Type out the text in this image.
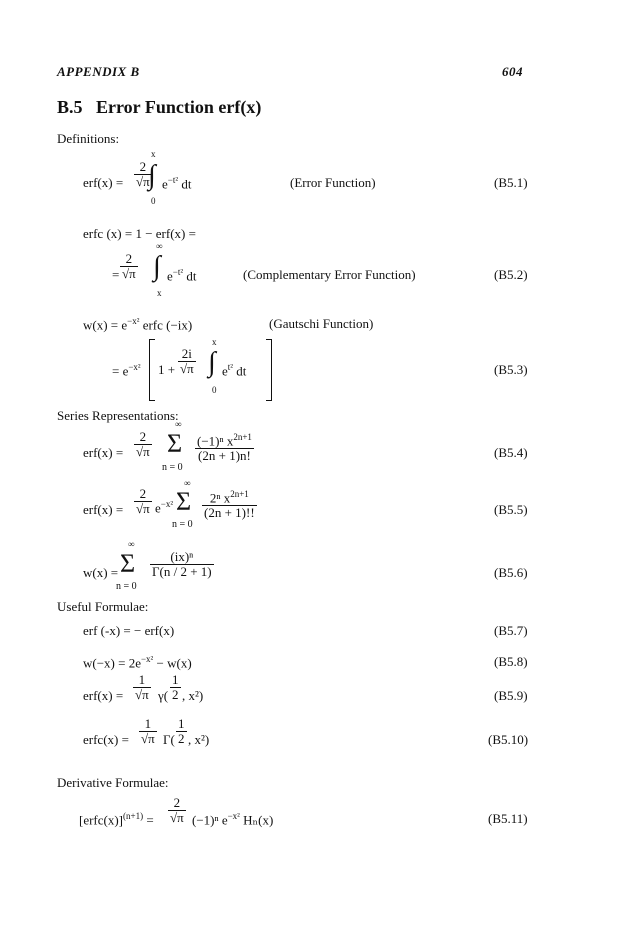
APPENDIX B	604
B.5 Error Function erf(x)
Definitions:
$erf(x) = \frac{2}{√\pi}$
x
∫
0
$e^{-t^2}$ dt	(Error Function)	(B5.1)
erfc (x) = 1 − erf(x) =
= $\frac{2}{√\pi}$
∞
∫
x
$e^{-t^2}$ dt	(Complementary Error Function)	(B5.2)
$w(x) = e^{-x^2}$ erfc (−ix)	(Gautschi Function)
= $e^{-x^2}$ $1 + \frac{2i}{√\pi}$
x
∫
0
$e^{t^2}$ dt	(B5.3)
Series Representations:
$erf(x) = \frac{2}{√\pi}$
∞
Σ
n = 0
$\frac{(-1)^n x^{2n+1}}{(2n + 1)n!}$	(B5.4)
$erf(x) = \frac{2}{√\pi} e^{-x^2}$
∞
Σ
n = 0
$\frac{2^n x^{2n+1}}{(2n + 1)!!}$	(B5.5)
w(x) =
∞
Σ
n = 0
$\frac{\text{(ix)ⁿ}}{\Gamma(n / 2 + 1)}$	(B5.6)
Useful Formulae:
erf (-x) = − erf(x)	(B5.7)
$w(-x) = 2e^{-x^2} - w(x)$	(B5.8)
$erf(x) = \frac{1}{√\pi} \gamma( \frac{1}{2}$ , x²)	(B5.9)
erfc(x) = $\frac{1}{√\pi} \Gamma( \frac{1}{2}$ , x²)	(B5.10)
Derivative Formulae:
[erfc(x)]$^{(n+1)}$ = $\frac{2}{√\pi} (-1)^n$ $e^{-x^2}$ Hₙ(x)	(B5.11)
